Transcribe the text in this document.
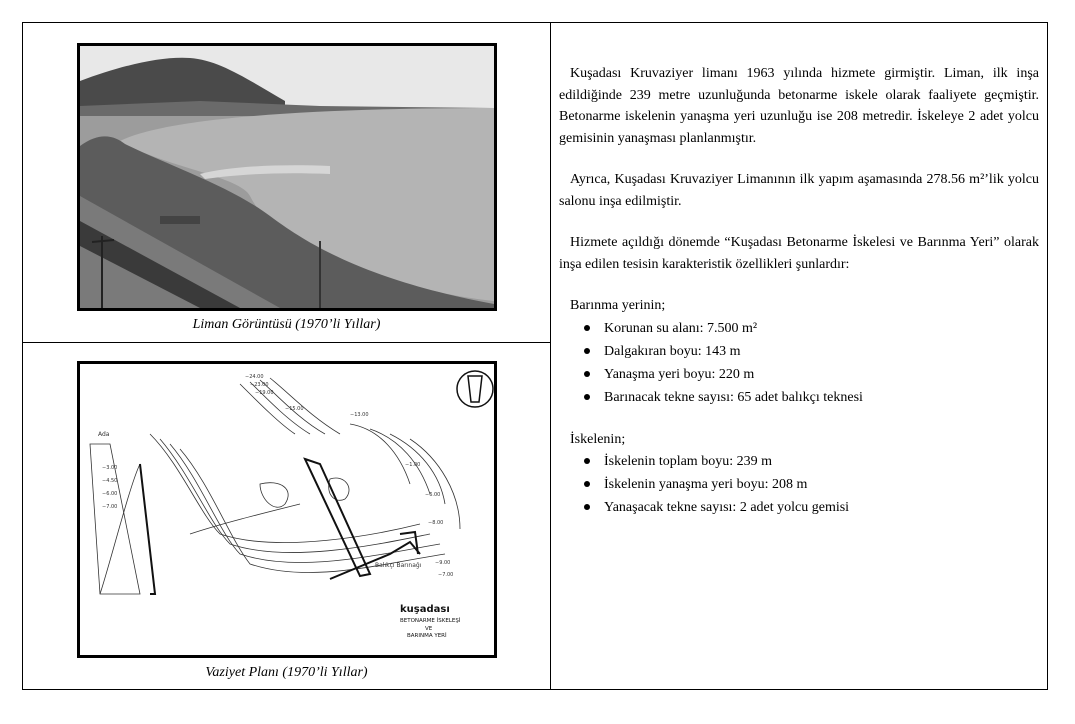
Liman Görüntüsü (1970’li Yıllar)
−24.00
−23.00
−19.00
−15.00
−13.00
−1.00
−6.00
−8.00
−3.00
−4.50
−6.00
−7.00
−9.00
−7.00
Ada
Balıkçı Barınağı
kuşadası
BETONARME İSKELEŞİ
VE
BARINMA YERİ
Vaziyet Planı (1970’li Yıllar)

Kuşadası Kruvaziyer limanı 1963 yılında hizmete girmiştir. Liman, ilk inşa edildiğinde 239 metre uzunluğunda betonarme iskele olarak faaliyete geçmiştir. Betonarme iskelenin yanaşma yeri uzunluğu ise 208 metredir. İskeleye 2 adet yolcu gemisinin yanaşması planlanmıştır.

Ayrıca, Kuşadası Kruvaziyer Limanının ilk yapım aşamasında 278.56 m²’lik yolcu salonu inşa edilmiştir.

Hizmete açıldığı dönemde “Kuşadası Betonarme İskelesi ve Barınma Yeri” olarak inşa edilen tesisin karakteristik özellikleri şunlardır:

Barınma yerinin;
Korunan su alanı: 7.500 m²
Dalgakıran boyu: 143 m
Yanaşma yeri boyu: 220 m
Barınacak tekne sayısı: 65 adet balıkçı teknesi
İskelenin;
İskelenin toplam boyu: 239 m
İskelenin yanaşma yeri boyu: 208 m
Yanaşacak tekne sayısı: 2 adet yolcu gemisi
